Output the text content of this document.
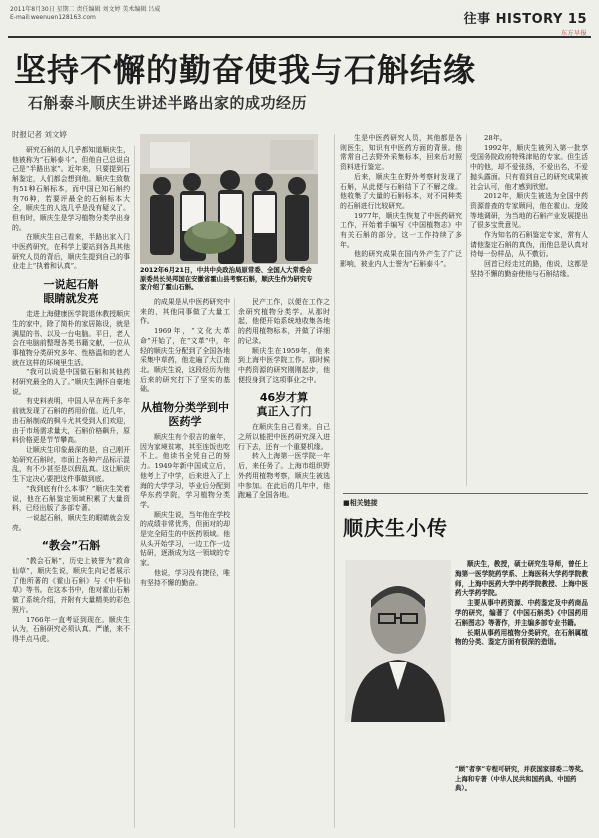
2011年8月30日 星期二 责任编辑 刘文婷 美术编辑 吕威
E-mail:weenuen128163.com	往事 HISTORY 15
东方早报
坚持不懈的勤奋使我与石斛结缘
石斛泰斗顺庆生讲述半路出家的成功经历
时报记者 刘文婷

研究石斛的人几乎都知道顺庆生，他被称为“石斛泰斗”。但他自己总说自己是“半路出家”。近年来，只要提到石斛鉴定，人们都会想到他。顺庆生致敬有51种石斛标本，而中国已知石斛约有76种，若要评最全的石斛标本大全，顺庆生的人选几乎是没有疑义了。但有时，顺庆生是学习植物分类学出身的。

在顺庆生自己看来，半路出家入门中医药研究，在科学上要站到各具其他研究人员的背后，顺庆生提到自己的事业走上“执着和认真”。

一说起石斛
眼睛就发亮

走进上海健康医学院退休教授顺庆生的家中，除了简朴的家居陈设，就是满屋的书、以及一台电脑。平日，老人会在电脑前整理各类书籍文献，一位从事植物分类研究多年、性格温和的老人就在这样的环境里生活。

“我可以说是中国做石斛和其他药材研究最全的人了。”顺庆生满怀自豪地说。

有史料表明，中国人早在两千多年前就发现了石斛的药用价值。近几年，由石斛制成的枫斗尤其受到人们欢迎，由于市场需求量大，石斛价格飙升，原料价格更是节节攀高。

让顺庆生印象最深的是，自己刚开始研究石斛时，市面上各种产品标示混乱，有不少甚至是以假乱真。这让顺庆生下定决心要把这件事做到底。

“我到底有什么本事？”顺庆生笑着说，他在石斛鉴定领域积累了大量资料，已经出版了多部专著。

一说起石斛，顺庆生的眼睛就会发亮。

“教会”石斛

“教会石斛”，历史上被誉为“救命仙草”，顺庆生说，顺庆生向记者展示了他所著的《霍山石斛》与《中华仙草》等书。在这本书中，他对霍山石斛做了系统介绍，并附有大量精美的彩色照片。

1766年一直考证到现在。顺庆生认为，石斛研究必须认真、严谨，来不得半点马虎。

2012年6月21日，中共中央政治局原常委、全国人大常委会原委员长吴邦国在安徽省霍山县考察石斛，顺庆生作为研究专家介绍了霍山石斛。

的成果是从中医药研究中来的，其他同事做了大量工作。

1969年，“文化大革命”开始了，在“文革”中，年轻的顺庆生分配到了全国各地采集中草药，他走遍了大江南北。顺庆生说，这段经历为他后来的研究打下了坚实的基础。

从植物分类学到中医药学

顺庆生有个很吉的童年，因为家境贫寒，其至连饭也吃不上。他读书全凭自己的努力。1949年新中国成立后，他考上了中学，后来进入了上海的大学学习，毕业后分配到华东药学院，学习植物分类学。

顺庆生说，当年他在学校的成绩非常优秀，但面对的却是完全陌生的中医药领域。他从头开始学习，一边工作一边钻研，逐渐成为这一领域的专家。

他说，学习没有捷径，唯有坚持不懈的勤奋。

民产工作，以便在工作之余研究植物分类学。从那时起，他便开始系统地收集各地的药用植物标本，并做了详细的记录。

顺庆生在1959年，他来到上海中医学院工作。那时候中药资源的研究刚刚起步，他便投身到了这项事业之中。

46岁才算
真正入了门

在顺庆生自己看来，自己之所以能把中医药研究深入进行下去，还有一个重要机缘。

转入上海第一医学院一年后，来任务了。上海市组织野外药用植物考察，顺庆生被选中参加。在此后的几年中，他跑遍了全国各地。

生是中医药研究人员，其他都是各则医生，知识有中医药方面的背景。他常常自己去野外采集标本，回来后对照资料进行鉴定。

后来，顺庆生在野外考察时发现了石斛，从此便与石斛结下了不解之缘。他收集了大量的石斛标本，对不同种类的石斛进行比较研究。

1977年，顺庆生恢复了中医药研究工作，开始着手编写《中国植物志》中有关石斛的部分，这一工作持续了多年。

他的研究成果在国内外产生了广泛影响，被业内人士誉为“石斛泰斗”。

28年。

1992年，顺庆生被列入第一批享受国务院政府特殊津贴的专家。但生活中的他，却不爱张扬，不爱出名，不爱抛头露面。只有看到自己的研究成果被社会认可，他才感到欣慰。

2012年，顺庆生被选为全国中药资源普查的专家顾问，他在霍山、龙陵等地调研，为当地的石斛产业发展提出了很多宝贵意见。

作为知名的石斛鉴定专家，常有人请他鉴定石斛的真伪，而他总是认真对待每一份样品，从不敷衍。

回首已经走过的路，他说，这都是坚持不懈的勤奋使他与石斛结缘。

■相关链接
顺庆生小传

顺庆生，教授，硕士研究生导师，曾任上海第一医学院药学系、上海医科大学药学院教师，上海中医药大学中药学院教授、上海中医药大学药学院。

主要从事中药资源、中药鉴定及中药商品学的研究，编著了《中国石斛类》《中国药用石斛图志》等著作，并主编多部专业书籍。

长期从事药用植物分类研究，在石斛属植物的分类、鉴定方面有很深的造诣。

“顾”者享“专程可研究，并获国家部委二等奖。上海和专著（中华人民共和国药典、中国药典）。
